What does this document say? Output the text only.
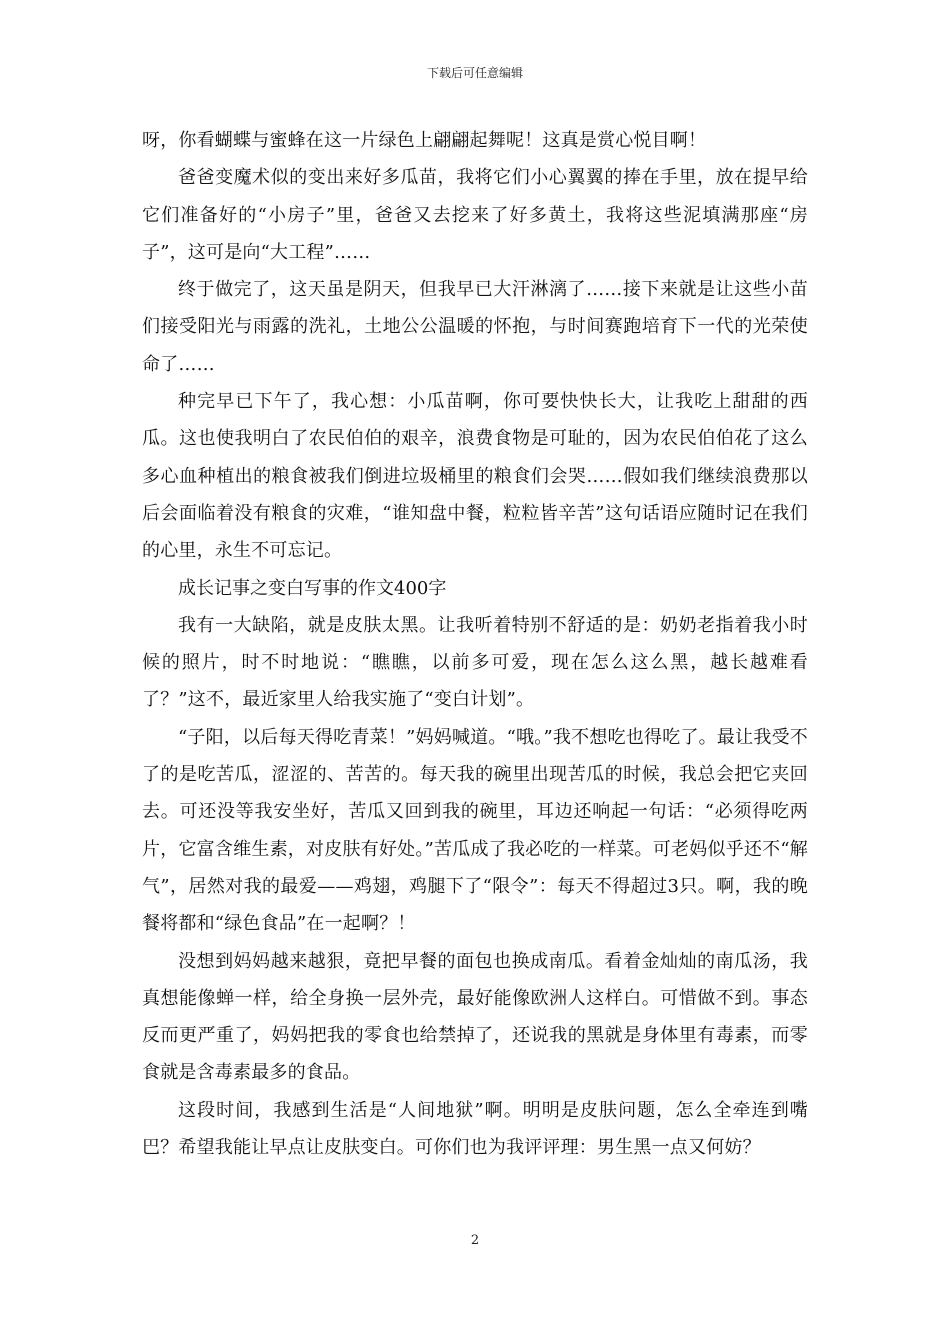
下载后可任意编辑

呀，你看蝴蝶与蜜蜂在这一片绿色上翩翩起舞呢！这真是赏心悦目啊！

爸爸变魔术似的变出来好多瓜苗，我将它们小心翼翼的捧在手里，放在提早给它们准备好的“小房子”里，爸爸又去挖来了好多黄土，我将这些泥填满那座“房子”，这可是向“大工程”……

终于做完了，这天虽是阴天，但我早已大汗淋漓了……接下来就是让这些小苗们接受阳光与雨露的洗礼，土地公公温暖的怀抱，与时间赛跑培育下一代的光荣使命了……

种完早已下午了，我心想：小瓜苗啊，你可要快快长大，让我吃上甜甜的西瓜。这也使我明白了农民伯伯的艰辛，浪费食物是可耻的，因为农民伯伯花了这么多心血种植出的粮食被我们倒进垃圾桶里的粮食们会哭……假如我们继续浪费那以后会面临着没有粮食的灾难，“谁知盘中餐，粒粒皆辛苦”这句话语应随时记在我们的心里，永生不可忘记。

成长记事之变白写事的作文400字

我有一大缺陷，就是皮肤太黑。让我听着特别不舒适的是：奶奶老指着我小时候的照片，时不时地说：“瞧瞧，以前多可爱，现在怎么这么黑，越长越难看了？”这不，最近家里人给我实施了“变白计划”。

“子阳，以后每天得吃青菜！”妈妈喊道。“哦。”我不想吃也得吃了。最让我受不了的是吃苦瓜，涩涩的、苦苦的。每天我的碗里出现苦瓜的时候，我总会把它夹回去。可还没等我安坐好，苦瓜又回到我的碗里，耳边还响起一句话：“必须得吃两片，它富含维生素，对皮肤有好处。”苦瓜成了我必吃的一样菜。可老妈似乎还不“解气”，居然对我的最爱——鸡翅，鸡腿下了“限令”：每天不得超过3只。啊，我的晚餐将都和“绿色食品”在一起啊？！

没想到妈妈越来越狠，竟把早餐的面包也换成南瓜。看着金灿灿的南瓜汤，我真想能像蝉一样，给全身换一层外壳，最好能像欧洲人这样白。可惜做不到。事态反而更严重了，妈妈把我的零食也给禁掉了，还说我的黑就是身体里有毒素，而零食就是含毒素最多的食品。

这段时间，我感到生活是“人间地狱”啊。明明是皮肤问题，怎么全牵连到嘴巴？希望我能让早点让皮肤变白。可你们也为我评评理：男生黑一点又何妨？

2
